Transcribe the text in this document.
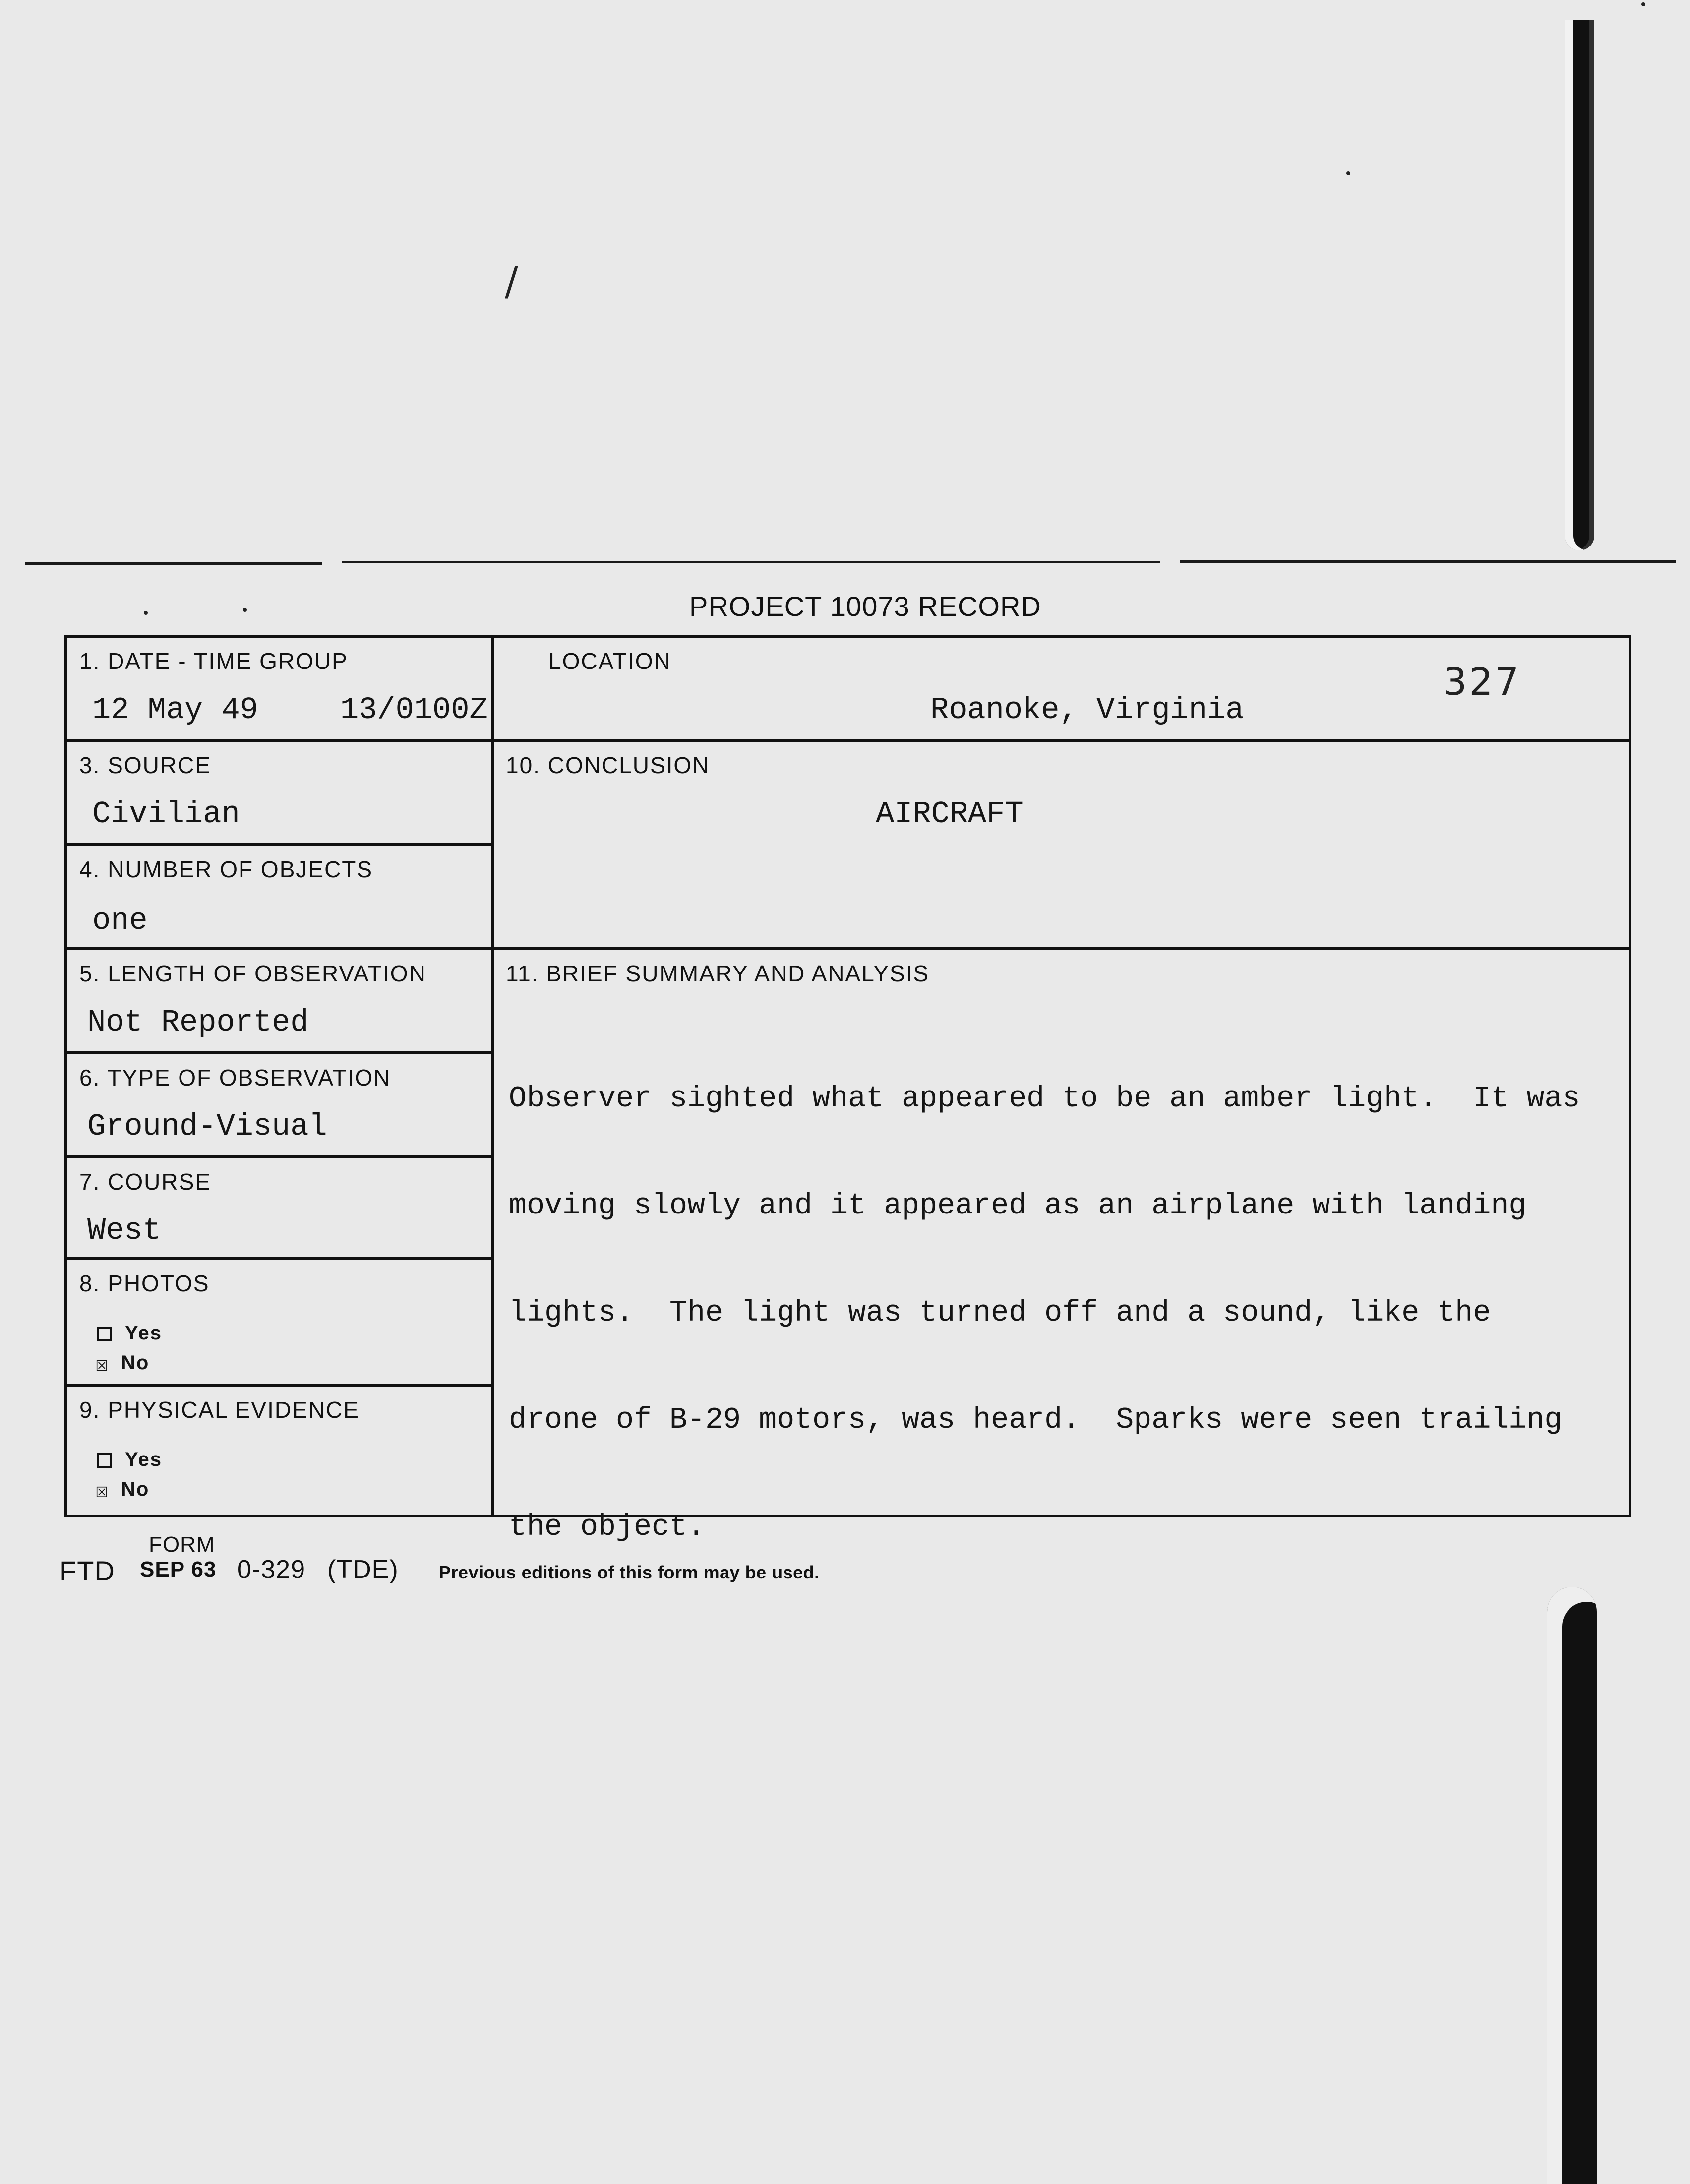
/
327
PROJECT 10073 RECORD
1. DATE - TIME GROUP
12 May 49	13/0100Z
LOCATION
Roanoke, Virginia
3. SOURCE
Civilian
4. NUMBER OF OBJECTS
one
5. LENGTH OF OBSERVATION
Not Reported
6. TYPE OF OBSERVATION
Ground-Visual
7. COURSE
West
8. PHOTOS
Yes
☒ No
9. PHYSICAL EVIDENCE
Yes
☒ No
10. CONCLUSION
AIRCRAFT
11. BRIEF SUMMARY AND ANALYSIS

Observer sighted what appeared to be an amber light.  It was

moving slowly and it appeared as an airplane with landing

lights.  The light was turned off and a sound, like the

drone of B-29 motors, was heard.  Sparks were seen trailing

the object.

FORM
FTD SEP 63 0-329 (TDE) Previous editions of this form may be used.
